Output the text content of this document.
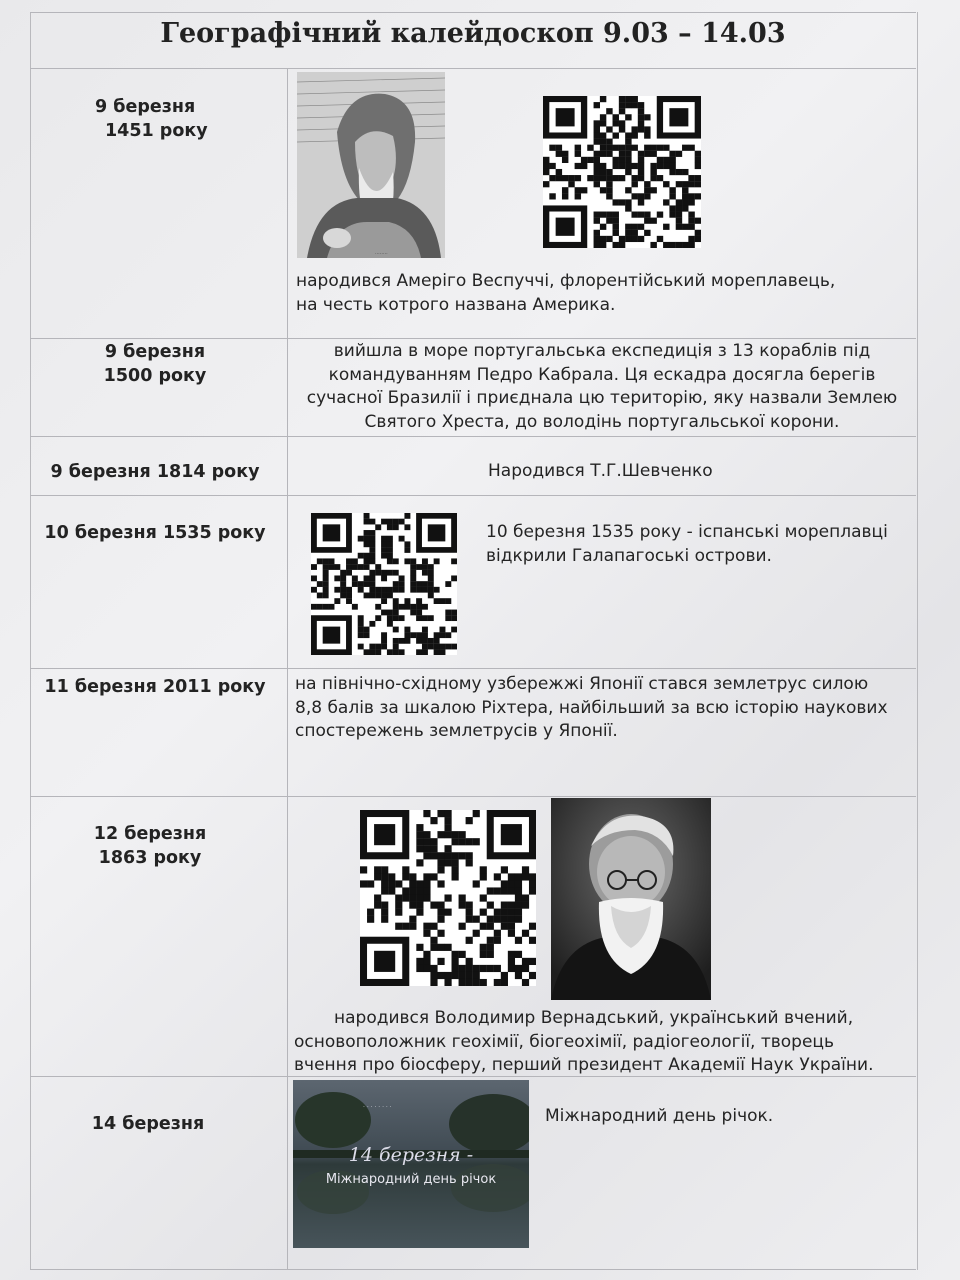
Географічний калейдоскоп 9.03 – 14.03
9 березня
1451 року
........
народився Амеріго Веспуччі, флорентійський мореплавець,
на честь котрого названа Америка.
9 березня
1500 року
вийшла в море португальська експедиція з 13 кораблів під
командуванням Педро Кабрала. Ця ескадра досягла берегів
сучасної Бразилії і приєднала цю територію, яку назвали Землею
Святого Хреста, до володінь португальської корони.
9 березня 1814 року	Народився Т.Г.Шевченко
10 березня 1535 року	10 березня 1535 року - іспанські мореплавці
відкрили Галапагоські острови.
11 березня 2011 року на північно-східному узбережжі Японії стався землетрус силою
8,8 балів за шкалою Ріхтера, найбільший за всю історію наукових
спостережень землетрусів у Японії.
12 березня
1863 року
народився Володимир Вернадський, український вчений,
основоположник геохімії, біогеохімії, радіогеології, творець
вчення про біосферу, перший президент Академії Наук України.
14 березня
· · · · · · · ·
14 березня -
Міжнародний день річок
Міжнародний день річок.
